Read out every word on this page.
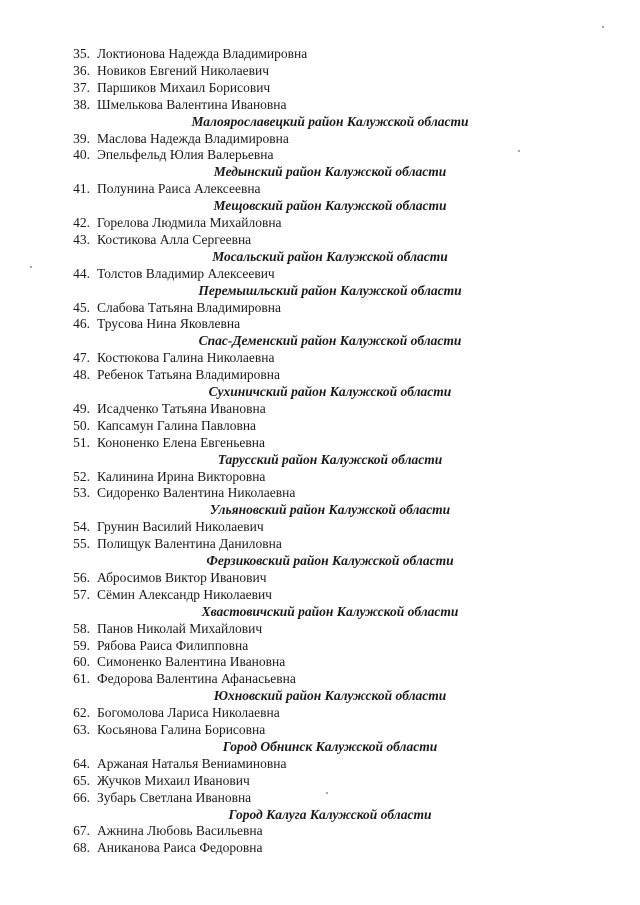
35. Локтионова Надежда Владимировна
36. Новиков Евгений Николаевич
37. Паршиков Михаил Борисович
38. Шмелькова Валентина Ивановна
Малоярославецкий район Калужской области
39. Маслова Надежда Владимировна
40. Эпельфельд Юлия Валерьевна
Медынский район Калужской области
41. Полунина Раиса Алексеевна
Мещовский район Калужской области
42. Горелова Людмила Михайловна
43. Костикова Алла Сергеевна
Мосальский район Калужской области
44. Толстов Владимир Алексеевич
Перемышльский район Калужской области
45. Слабова Татьяна Владимировна
46. Трусова Нина Яковлевна
Спас-Деменский район Калужской области
47. Костюкова Галина Николаевна
48. Ребенок Татьяна Владимировна
Сухиничский район Калужской области
49. Исадченко Татьяна Ивановна
50. Капсамун Галина Павловна
51. Кононенко Елена Евгеньевна
Тарусский район Калужской области
52. Калинина Ирина Викторовна
53. Сидоренко Валентина Николаевна
Ульяновский район Калужской области
54. Грунин Василий Николаевич
55. Полищук Валентина Даниловна
Ферзиковский район Калужской области
56. Абросимов Виктор Иванович
57. Сёмин Александр Николаевич
Хвастовичский район Калужской области
58. Панов Николай Михайлович
59. Рябова Раиса Филипповна
60. Симоненко Валентина Ивановна
61. Федорова Валентина Афанасьевна
Юхновский район Калужской области
62. Богомолова Лариса Николаевна
63. Косьянова Галина Борисовна
Город Обнинск Калужской области
64. Аржаная Наталья Вениаминовна
65. Жучков Михаил Иванович
66. Зубарь Светлана Ивановна
Город Калуга Калужской области
67. Ажнина Любовь Васильевна
68. Аниканова Раиса Федоровна
